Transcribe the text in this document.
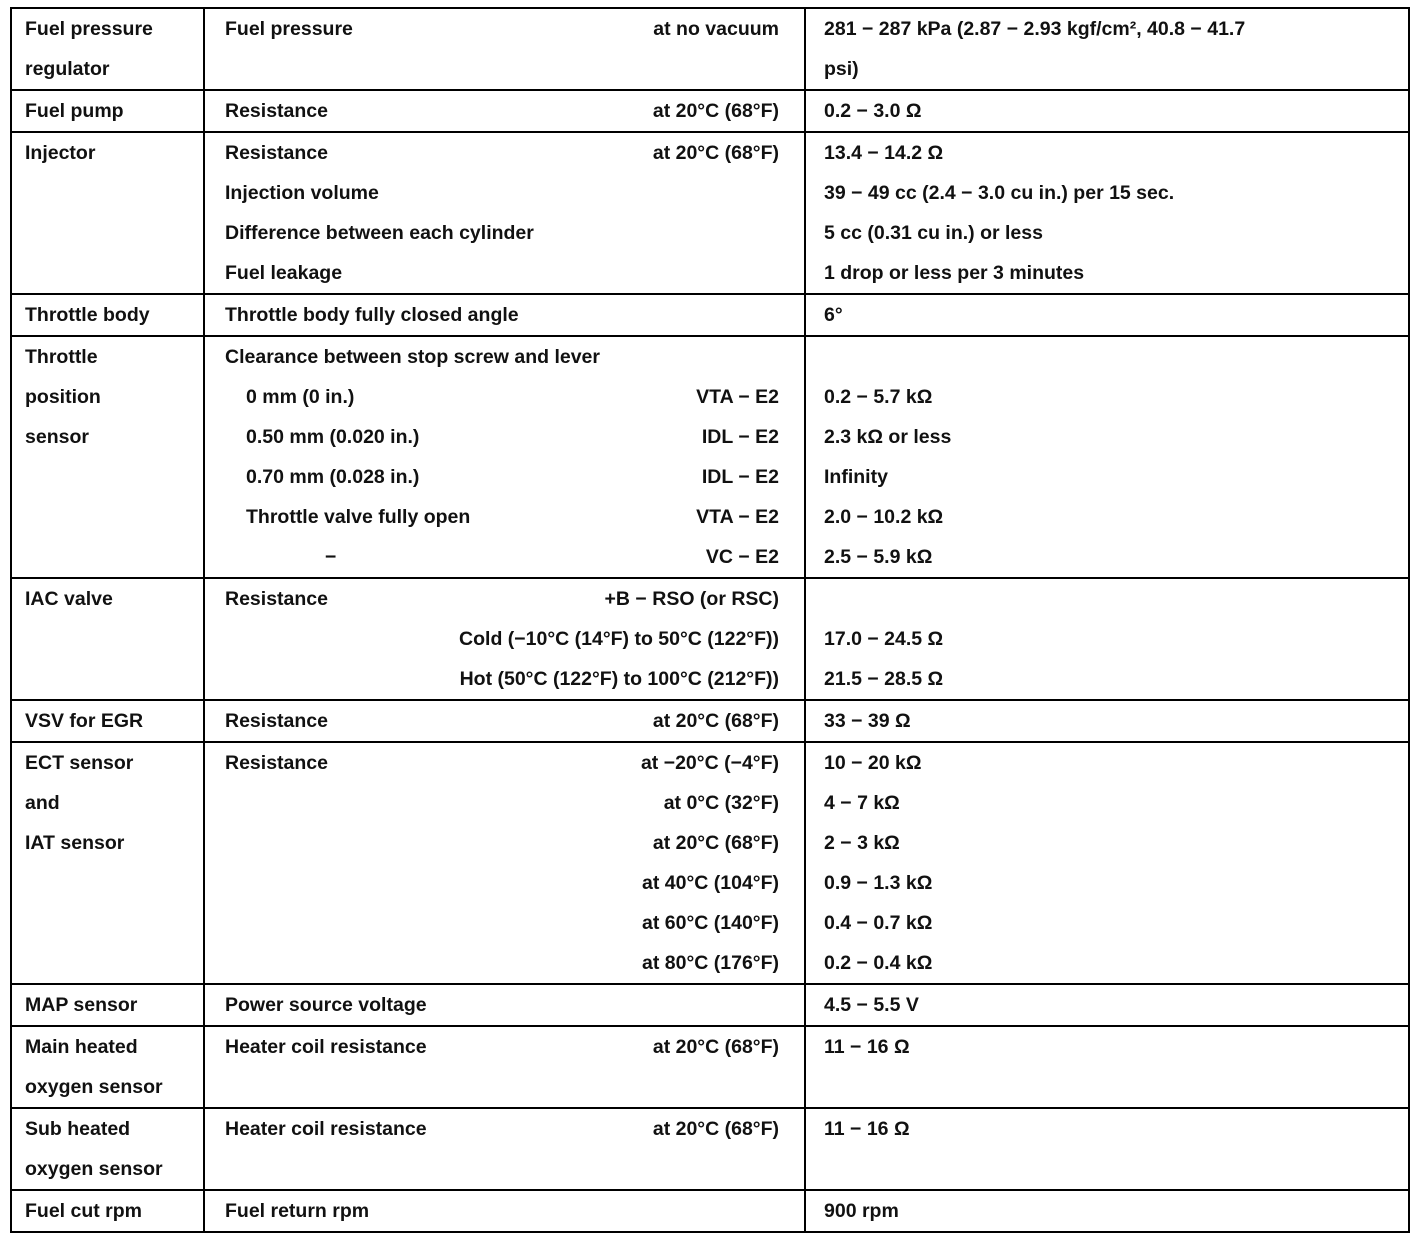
Fuel pressure	Fuel pressure at no vacuum	281 − 287 kPa (2.87 − 2.93 kgf/cm², 40.8 − 41.7

regulator		psi)

Fuel pump	Resistance at 20°C (68°F)	0.2 − 3.0 Ω

Injector	Resistance at 20°C (68°F)	13.4 − 14.2 Ω

	Injection volume	39 − 49 cc (2.4 − 3.0 cu in.) per 15 sec.

	Difference between each cylinder	5 cc (0.31 cu in.) or less

	Fuel leakage	1 drop or less per 3 minutes

Throttle body	Throttle body fully closed angle	6°

Throttle	Clearance between stop screw and lever	

position	0 mm (0 in.) VTA − E2	0.2 − 5.7 kΩ

sensor	0.50 mm (0.020 in.) IDL − E2	2.3 kΩ or less

	0.70 mm (0.028 in.) IDL − E2	Infinity

	Throttle valve fully open VTA − E2	2.0 − 10.2 kΩ

	− VC − E2	2.5 − 5.9 kΩ

IAC valve	Resistance +B − RSO (or RSC)	

	Cold (−10°C (14°F) to 50°C (122°F))	17.0 − 24.5 Ω

	Hot (50°C (122°F) to 100°C (212°F))	21.5 − 28.5 Ω

VSV for EGR	Resistance at 20°C (68°F)	33 − 39 Ω

ECT sensor	Resistance at −20°C (−4°F)	10 − 20 kΩ

and	at 0°C (32°F)	4 − 7 kΩ

IAT sensor	at 20°C (68°F)	2 − 3 kΩ

	at 40°C (104°F)	0.9 − 1.3 kΩ

	at 60°C (140°F)	0.4 − 0.7 kΩ

	at 80°C (176°F)	0.2 − 0.4 kΩ

MAP sensor	Power source voltage	4.5 − 5.5 V

Main heated	Heater coil resistance at 20°C (68°F)	11 − 16 Ω

oxygen sensor		

Sub heated	Heater coil resistance at 20°C (68°F)	11 − 16 Ω

oxygen sensor		

Fuel cut rpm	Fuel return rpm	900 rpm
